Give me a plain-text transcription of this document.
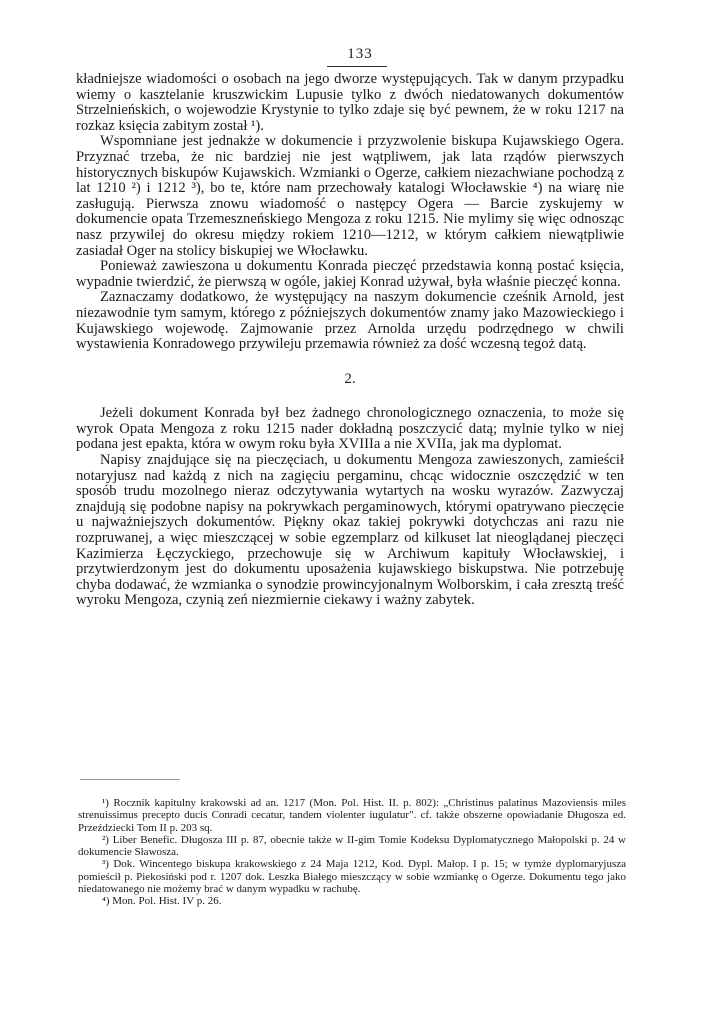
133

kładniejsze wiadomości o osobach na jego dworze występujących. Tak w danym przypadku wiemy o kasztelanie kruszwickim Lupusie tylko z dwóch niedatowanych dokumentów Strzelnieńskich, o wojewodzie Krystynie to tylko zdaje się być pewnem, że w roku 1217 na rozkaz księcia zabitym został ¹).

Wspomniane jest jednakże w dokumencie i przyzwolenie biskupa Kujawskiego Ogera. Przyznać trzeba, że nic bardziej nie jest wątpliwem, jak lata rządów pierwszych historycznych biskupów Kujawskich. Wzmianki o Ogerze, całkiem niezachwiane pochodzą z lat 1210 ²) i 1212 ³), bo te, które nam przechowały katalogi Włocławskie ⁴) na wiarę nie zasługują. Pierwsza znowu wiadomość o następcy Ogera — Barcie zyskujemy w dokumencie opata Trzemeszneńskiego Mengoza z roku 1215. Nie mylimy się więc odnosząc nasz przywilej do okresu między rokiem 1210—1212, w którym całkiem niewątpliwie zasiadał Oger na stolicy biskupiej we Włocławku.

Ponieważ zawieszona u dokumentu Konrada pieczęć przedstawia konną postać księcia, wypadnie twierdzić, że pierwszą w ogóle, jakiej Konrad używał, była właśnie pieczęć konna.

Zaznaczamy dodatkowo, że występujący na naszym dokumencie cześnik Arnold, jest niezawodnie tym samym, którego z późniejszych dokumentów znamy jako Mazowieckiego i Kujawskiego wojewodę. Zajmowanie przez Arnolda urzędu podrzędnego w chwili wystawienia Konradowego przywileju przemawia również za dość wczesną tegoż datą.

2.

Jeżeli dokument Konrada był bez żadnego chronologicznego oznaczenia, to może się wyrok Opata Mengoza z roku 1215 nader dokładną poszczycić datą; mylnie tylko w niej podana jest epakta, która w owym roku była XVIIIa a nie XVIIa, jak ma dyplomat.

Napisy znajdujące się na pieczęciach, u dokumentu Mengoza zawieszonych, zamieścił notaryjusz nad każdą z nich na zagięciu pergaminu, chcąc widocznie oszczędzić w ten sposób trudu mozolnego nieraz odczytywania wytartych na wosku wyrazów. Zazwyczaj znajdują się podobne napisy na pokrywkach pergaminowych, którymi opatrywano pieczęcie u najważniejszych dokumentów. Piękny okaz takiej pokrywki dotychczas ani razu nie rozpruwanej, a więc mieszczącej w sobie egzemplarz od kilkuset lat nieoglądanej pieczęci Kazimierza Łęczyckiego, przechowuje się w Archiwum kapituły Włocławskiej, i przytwierdzonym jest do dokumentu uposażenia kujawskiego biskupstwa. Nie potrzebuję chyba dodawać, że wzmianka o synodzie prowincyjonalnym Wolborskim, i cała zresztą treść wyroku Mengoza, czynią zeń niezmiernie ciekawy i ważny zabytek.

¹) Rocznik kapitulny krakowski ad an. 1217 (Mon. Pol. Hist. II. p. 802): „Christinus palatinus Mazoviensis miles strenuissimus precepto ducis Conradi cecatur, tandem violenter iugulatur". cf. także obszerne opowiadanie Długosza ed. Przeździecki Tom II p. 203 sq.

²) Liber Benefic. Długosza III p. 87, obecnie także w II-gim Tomie Kodeksu Dyplomatycznego Małopolski p. 24 w dokumencie Sławosza.

³) Dok. Wincentego biskupa krakowskiego z 24 Maja 1212, Kod. Dypl. Małop. I p. 15; w tymże dyplomaryjusza pomieścił p. Piekosiński pod r. 1207 dok. Leszka Białego mieszczący w sobie wzmiankę o Ogerze. Dokumentu tego jako niedatowanego nie możemy brać w danym wypadku w rachubę.

⁴) Mon. Pol. Hist. IV p. 26.
